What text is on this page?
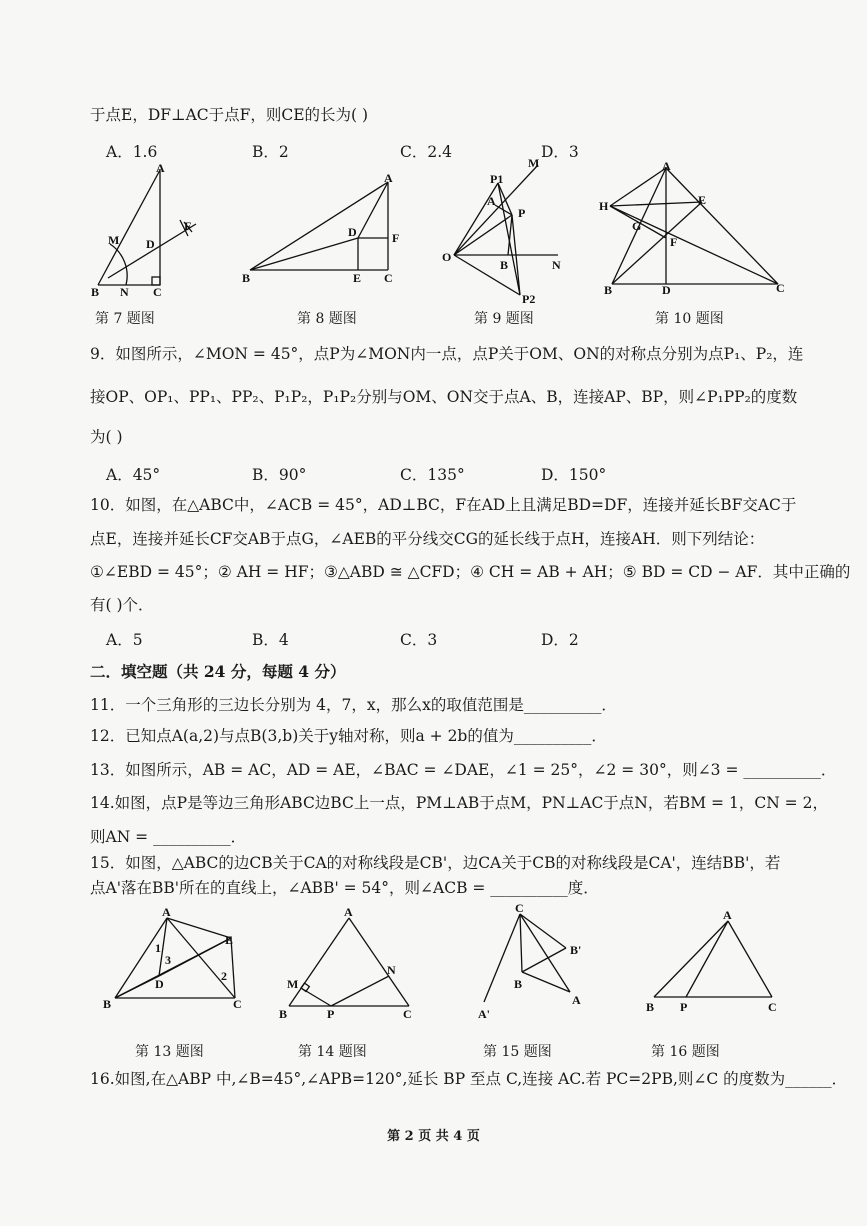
于点E，DF⊥AC于点F，则CE的长为( )
A．1.6	B．2	C．2.4	D．3
A
M D
F
B N C
A
D	F
B	E C
M
P1
A
P
O
B	N
P2
A
H	E
G
F
B	D	C
第 7 题图	第 8 题图	第 9 题图	第 10 题图
9．如图所示，∠MON = 45°，点P为∠MON内一点，点P关于OM、ON的对称点分别为点P₁、P₂，连
接OP、OP₁、PP₁、PP₂、P₁P₂，P₁P₂分别与OM、ON交于点A、B，连接AP、BP，则∠P₁PP₂的度数
为( )
A．45°	B．90°	C．135°	D．150°
10．如图，在△ABC中，∠ACB = 45°，AD⊥BC，F在AD上且满足BD=DF，连接并延长BF交AC于
点E，连接并延长CF交AB于点G，∠AEB的平分线交CG的延长线于点H，连接AH．则下列结论：
①∠EBD = 45°；② AH = HF；③△ABD ≅ △CFD；④ CH = AB + AH；⑤ BD = CD − AF．其中正确的
有( )个．
A．5	B．4	C．3	D．2
二．填空题（共 24 分，每题 4 分）
11．一个三角形的三边长分别为 4，7，x，那么x的取值范围是__________．
12．已知点A(a,2)与点B(3,b)关于y轴对称，则a + 2b的值为__________．
13．如图所示，AB = AC，AD = AE，∠BAC = ∠DAE，∠1 = 25°，∠2 = 30°，则∠3 = __________．
14.如图，点P是等边三角形ABC边BC上一点，PM⊥AB于点M，PN⊥AC于点N，若BM = 1，CN = 2，
则AN = __________．
15．如图，△ABC的边CB关于CA的对称线段是CB'，边CA关于CB的对称线段是CA'，连结BB'，若
点A'落在BB'所在的直线上，∠ABB' = 54°，则∠ACB = __________度．
A
E
1
3
D
2
B	C
A
M
N
B	P	C
C
B'
B
A
A'
A
B P	C
第 13 题图	第 14 题图	第 15 题图	第 16 题图
16.如图,在△ABP 中,∠B=45°,∠APB=120°,延长 BP 至点 C,连接 AC.若 PC=2PB,则∠C 的度数为______．
第 2 页 共 4 页
